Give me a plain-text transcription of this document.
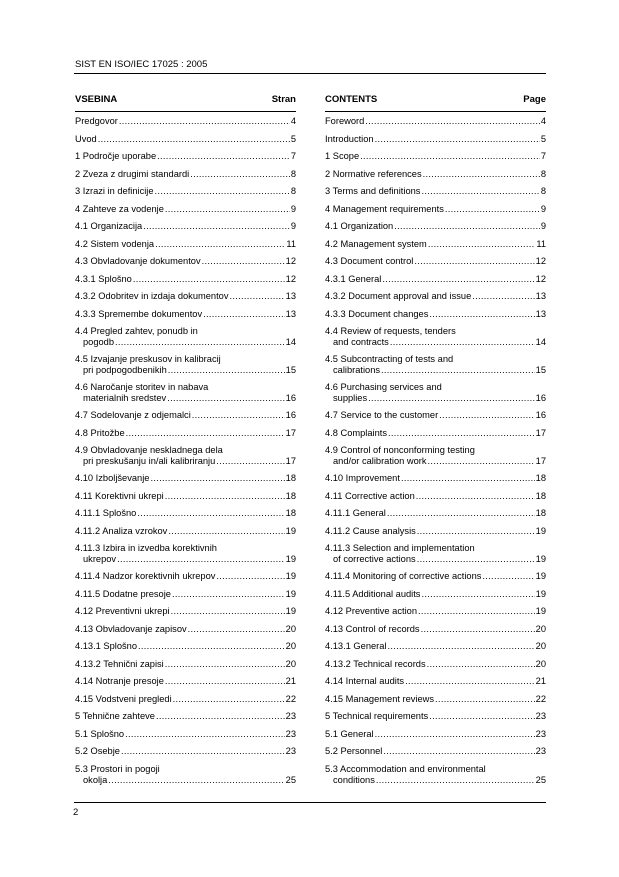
SIST EN ISO/IEC 17025 : 2005
VSEBINA	Stran
Predgovor .....	4
Uvod .....	5
1 Področje uporabe .....	7
2 Zveza z drugimi standardi .....	8
3 Izrazi in definicije .....	8
4 Zahteve za vodenje .....	9
4.1 Organizacija .....	9
4.2 Sistem vodenja .....	11
4.3 Obvladovanje dokumentov .....	12
4.3.1 Splošno .....	12
4.3.2 Odobritev in izdaja dokumentov .....	13
4.3.3 Spremembe dokumentov .....	13
4.4 Pregled zahtev, ponudb in
pogodb .....	14
4.5 Izvajanje preskusov in kalibracij
pri podpogodbenikih .....	15
4.6 Naročanje storitev in nabava
materialnih sredstev .....	16
4.7 Sodelovanje z odjemalci .....	16
4.8 Pritožbe .....	17
4.9 Obvladovanje neskladnega dela
pri preskušanju in/ali kalibriranju .....	17
4.10 Izboljševanje .....	18
4.11 Korektivni ukrepi .....	18
4.11.1 Splošno .....	18
4.11.2 Analiza vzrokov .....	19
4.11.3 Izbira in izvedba korektivnih
ukrepov .....	19
4.11.4 Nadzor korektivnih ukrepov .....	19
4.11.5 Dodatne presoje .....	19
4.12 Preventivni ukrepi .....	19
4.13 Obvladovanje zapisov .....	20
4.13.1 Splošno .....	20
4.13.2 Tehnični zapisi .....	20
4.14 Notranje presoje .....	21
4.15 Vodstveni pregledi .....	22
5 Tehnične zahteve .....	23
5.1 Splošno .....	23
5.2 Osebje .....	23
5.3 Prostori in pogoji
okolja .....	25
CONTENTS	Page
Foreword .....	4
Introduction .....	5
1 Scope .....	7
2 Normative references .....	8
3 Terms and definitions .....	8
4 Management requirements .....	9
4.1 Organization .....	9
4.2 Management system .....	11
4.3 Document control .....	12
4.3.1 General .....	12
4.3.2 Document approval and issue .....	13
4.3.3 Document changes .....	13
4.4 Review of requests, tenders
and contracts .....	14
4.5 Subcontracting of tests and
calibrations .....	15
4.6 Purchasing services and
supplies .....	16
4.7 Service to the customer .....	16
4.8 Complaints .....	17
4.9 Control of nonconforming testing
and/or calibration work .....	17
4.10 Improvement .....	18
4.11 Corrective action .....	18
4.11.1 General .....	18
4.11.2 Cause analysis .....	19
4.11.3 Selection and implementation
of corrective actions .....	19
4.11.4 Monitoring of corrective actions .....	19
4.11.5 Additional audits .....	19
4.12 Preventive action .....	19
4.13 Control of records .....	20
4.13.1 General .....	20
4.13.2 Technical records .....	20
4.14 Internal audits .....	21
4.15 Management reviews .....	22
5 Technical requirements .....	23
5.1 General .....	23
5.2 Personnel .....	23
5.3 Accommodation and environmental
conditions .....	25
2
